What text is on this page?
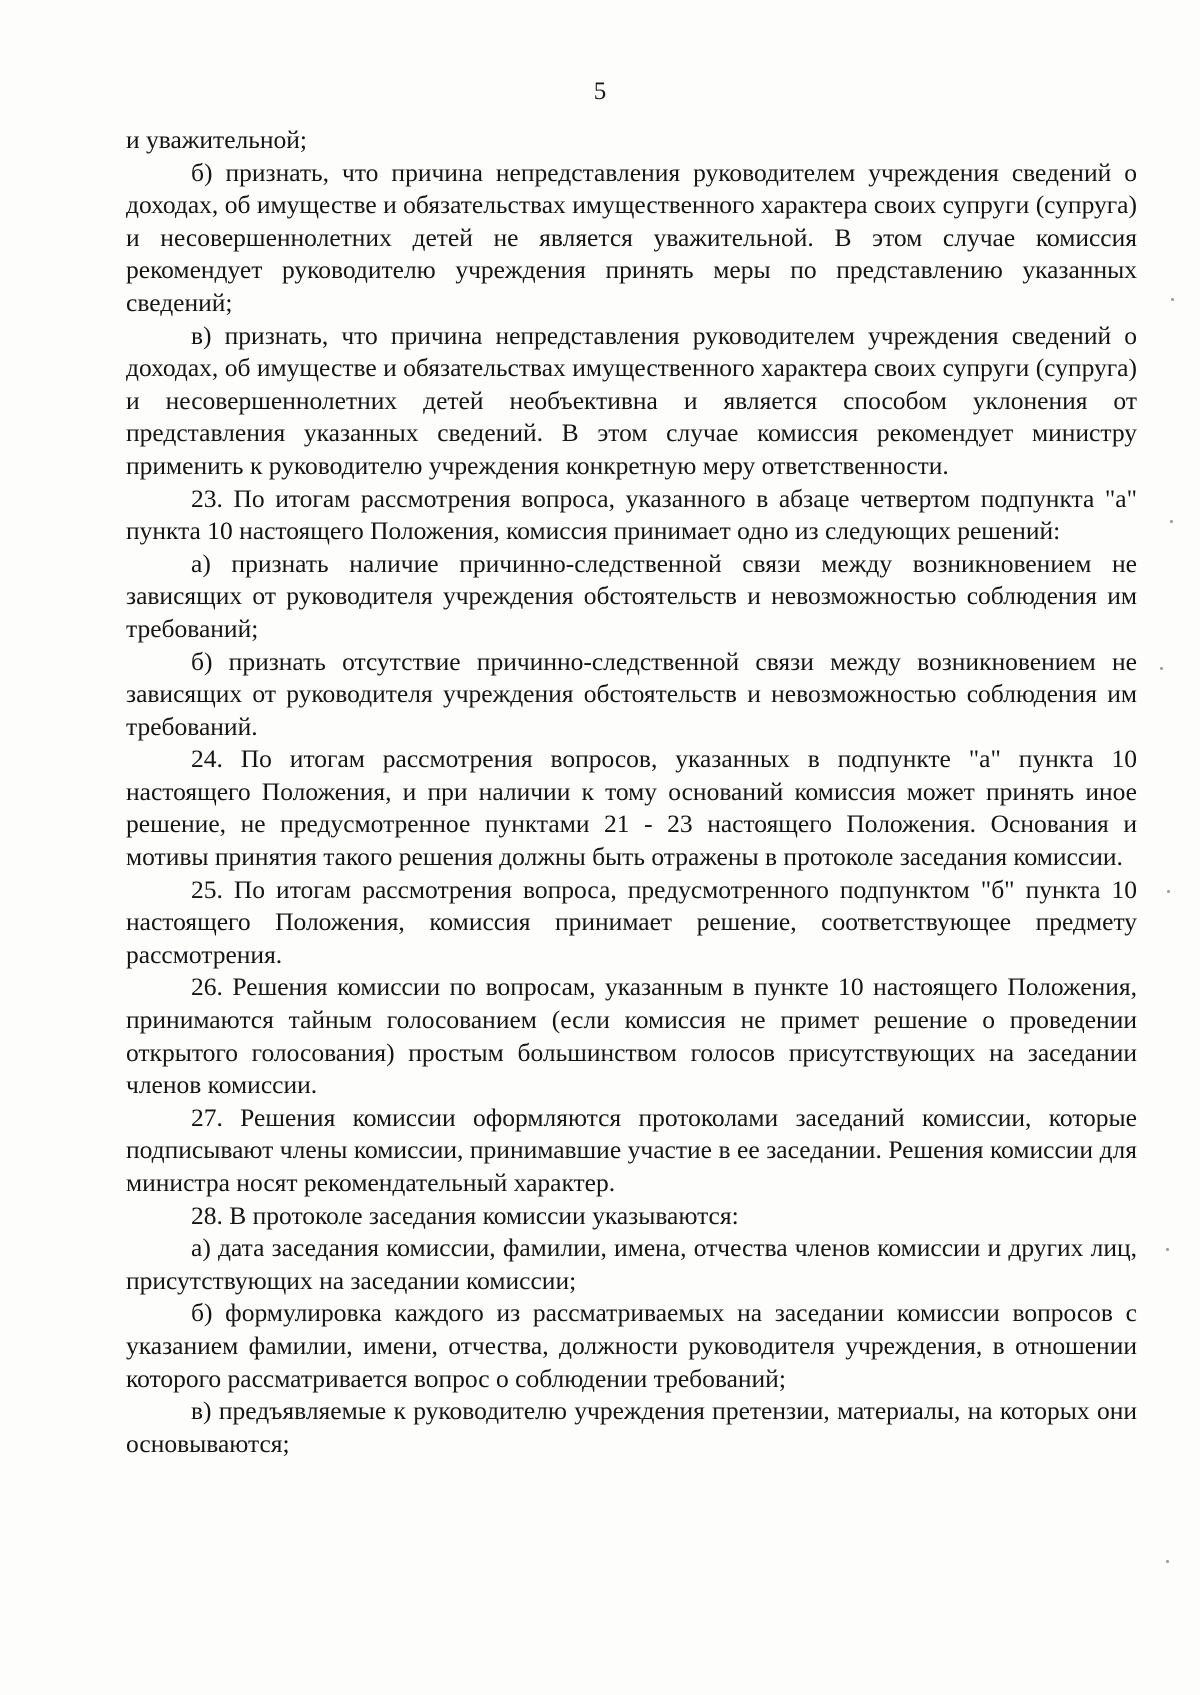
5

и уважительной;

б) признать, что причина непредставления руководителем учреждения сведений о доходах, об имуществе и обязательствах имущественного характера своих супруги (супруга) и несовершеннолетних детей не является уважительной. В этом случае комиссия рекомендует руководителю учреждения принять меры по представлению указанных сведений;

в) признать, что причина непредставления руководителем учреждения сведений о доходах, об имуществе и обязательствах имущественного характера своих супруги (супруга) и несовершеннолетних детей необъективна и является способом уклонения от представления указанных сведений. В этом случае комиссия рекомендует министру применить к руководителю учреждения конкретную меру ответственности.

23. По итогам рассмотрения вопроса, указанного в абзаце четвертом подпункта "а" пункта 10 настоящего Положения, комиссия принимает одно из следующих решений:

а) признать наличие причинно-следственной связи между возникновением не зависящих от руководителя учреждения обстоятельств и невозможностью соблюдения им требований;

б) признать отсутствие причинно-следственной связи между возникновением не зависящих от руководителя учреждения обстоятельств и невозможностью соблюдения им требований.

24. По итогам рассмотрения вопросов, указанных в подпункте "а" пункта 10 настоящего Положения, и при наличии к тому оснований комиссия может принять иное решение, не предусмотренное пунктами 21 - 23 настоящего Положения. Основания и мотивы принятия такого решения должны быть отражены в протоколе заседания комиссии.

25. По итогам рассмотрения вопроса, предусмотренного подпунктом "б" пункта 10 настоящего Положения, комиссия принимает решение, соответствующее предмету рассмотрения.

26. Решения комиссии по вопросам, указанным в пункте 10 настоящего Положения, принимаются тайным голосованием (если комиссия не примет решение о проведении открытого голосования) простым большинством голосов присутствующих на заседании членов комиссии.

27. Решения комиссии оформляются протоколами заседаний комиссии, которые подписывают члены комиссии, принимавшие участие в ее заседании. Решения комиссии для министра носят рекомендательный характер.

28. В протоколе заседания комиссии указываются:

а) дата заседания комиссии, фамилии, имена, отчества членов комиссии и других лиц, присутствующих на заседании комиссии;

б) формулировка каждого из рассматриваемых на заседании комиссии вопросов с указанием фамилии, имени, отчества, должности руководителя учреждения, в отношении которого рассматривается вопрос о соблюдении требований;

в) предъявляемые к руководителю учреждения претензии, материалы, на которых они основываются;
